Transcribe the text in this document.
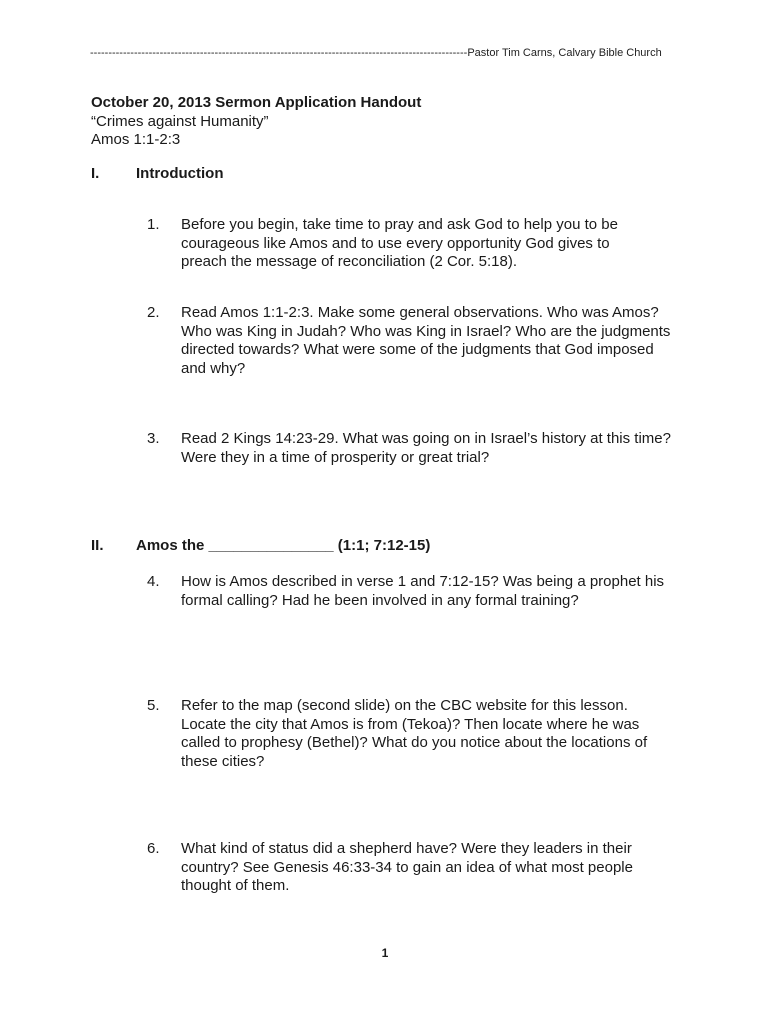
-------------------------------------------------------------------------------------------------------Pastor Tim Carns, Calvary Bible Church
October 20, 2013 Sermon Application Handout
“Crimes against Humanity”
Amos 1:1-2:3
I. Introduction
1.	Before you begin, take time to pray and ask God to help you to be
courageous like Amos and to use every opportunity God gives to
preach the message of reconciliation (2 Cor. 5:18).
2.	Read Amos 1:1-2:3. Make some general observations. Who was Amos?
Who was King in Judah? Who was King in Israel? Who are the judgments
directed towards? What were some of the judgments that God imposed
and why?
3.	Read 2 Kings 14:23-29. What was going on in Israel’s history at this time?
Were they in a time of prosperity or great trial?
II. Amos the _______________ (1:1; 7:12-15)
4.	How is Amos described in verse 1 and 7:12-15? Was being a prophet his
formal calling? Had he been involved in any formal training?
5.	Refer to the map (second slide) on the CBC website for this lesson.
Locate the city that Amos is from (Tekoa)? Then locate where he was
called to prophesy (Bethel)? What do you notice about the locations of
these cities?
6.	What kind of status did a shepherd have? Were they leaders in their
country? See Genesis 46:33-34 to gain an idea of what most people
thought of them.
1
